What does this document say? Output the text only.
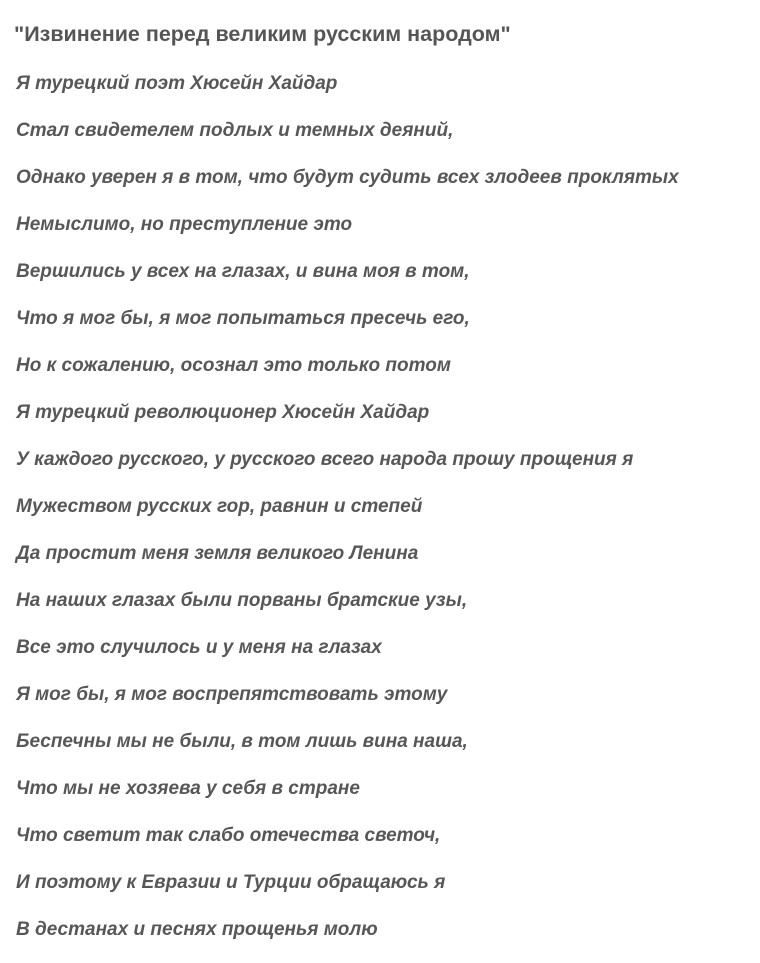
"Извинение перед великим русским народом"
Я турецкий поэт Хюсейн Хайдар
Стал свидетелем подлых и темных деяний,
Однако уверен я в том, что будут судить всех злодеев проклятых
Немыслимо, но преступление это
Вершились у всех на глазах, и вина моя в том,
Что я мог бы, я мог попытаться пресечь его,
Но к сожалению, осознал это только потом
Я турецкий революционер Хюсейн Хайдар
У каждого русского, у русского всего народа прошу прощения я
Мужеством русских гор, равнин и степей
Да простит меня земля великого Ленина
На наших глазах были порваны братские узы,
Все это случилось и у меня на глазах
Я мог бы, я мог воспрепятствовать этому
Беспечны мы не были, в том лишь вина наша,
Что мы не хозяева у себя в стране
Что светит так слабо отечества светоч,
И поэтому к Евразии и Турции обращаюсь я
В дестанах и песнях прощенья молю
